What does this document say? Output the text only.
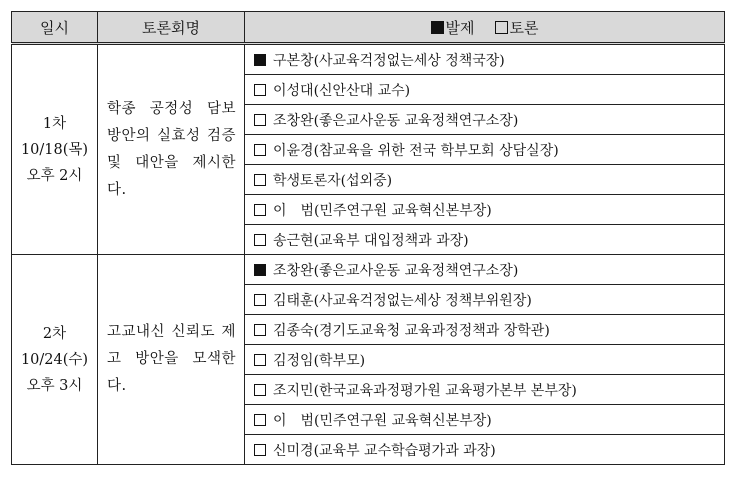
일시	토론회명	발제 토론

1차
10/18(목)
오후 2시	학종 공정성 담보 방안의 실효성 검증 및 대안을 제시한다.	구본창(사교육걱정없는세상 정책국장)
		이성대(신안산대 교수)
		조창완(좋은교사운동 교육정책연구소장)
		이윤경(참교육을 위한 전국 학부모회 상담실장)
		학생토론자(섭외중)
		이　범(민주연구원 교육혁신본부장)
		송근현(교육부 대입정책과 과장)

2차
10/24(수)
오후 3시	고교내신 신뢰도 제고 방안을 모색한다.	조창완(좋은교사운동 교육정책연구소장)
		김태훈(사교육걱정없는세상 정책부위원장)
		김종숙(경기도교육청 교육과정정책과 장학관)
		김정임(학부모)
		조지민(한국교육과정평가원 교육평가본부 본부장)
		이　범(민주연구원 교육혁신본부장)
		신미경(교육부 교수학습평가과 과장)
